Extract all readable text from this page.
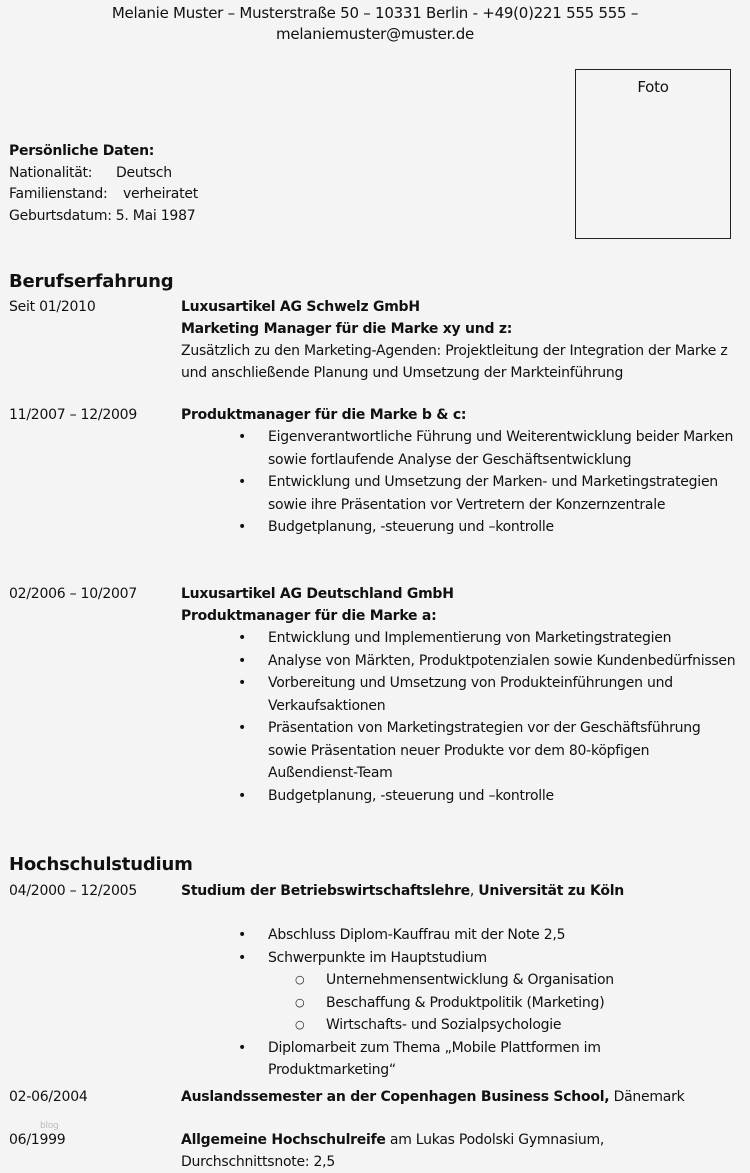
Melanie Muster – Musterstraße 50 – 10331 Berlin - +49(0)221 555 555 –
melaniemuster@muster.de
Foto
Persönliche Daten:
Nationalität:	Deutsch
Familienstand:	verheiratet
Geburtsdatum: 5. Mai 1987
Berufserfahrung
Seit 01/2010	Luxusartikel AG Schwelz GmbH
Marketing Manager für die Marke xy und z:
Zusätzlich zu den Marketing-Agenden: Projektleitung der Integration der Marke z und anschließende Planung und Umsetzung der Markteinführung
11/2007 – 12/2009	Produktmanager für die Marke b & c:
• Eigenverantwortliche Führung und Weiterentwicklung beider Marken sowie fortlaufende Analyse der Geschäftsentwicklung
• Entwicklung und Umsetzung der Marken- und Marketingstrategien sowie ihre Präsentation vor Vertretern der Konzernzentrale
• Budgetplanung, -steuerung und –kontrolle
02/2006 – 10/2007	Luxusartikel AG Deutschland GmbH
Produktmanager für die Marke a:
• Entwicklung und Implementierung von Marketingstrategien
• Analyse von Märkten, Produktpotenzialen sowie Kundenbedürfnissen
• Vorbereitung und Umsetzung von Produkteinführungen und Verkaufsaktionen
• Präsentation von Marketingstrategien vor der Geschäftsführung sowie Präsentation neuer Produkte vor dem 80-köpfigen Außendienst-Team
• Budgetplanung, -steuerung und –kontrolle
Hochschulstudium
04/2000 – 12/2005	Studium der Betriebswirtschaftslehre, Universität zu Köln
• Abschluss Diplom-Kauffrau mit der Note 2,5
• Schwerpunkte im Hauptstudium
○ Unternehmensentwicklung & Organisation
○ Beschaffung & Produktpolitik (Marketing)
○ Wirtschafts- und Sozialpsychologie
• Diplomarbeit zum Thema „Mobile Plattformen im Produktmarketing“
02-06/2004	Auslandssemester an der Copenhagen Business School, Dänemark
blog
06/1999	Allgemeine Hochschulreife am Lukas Podolski Gymnasium, Durchschnittsnote: 2,5
